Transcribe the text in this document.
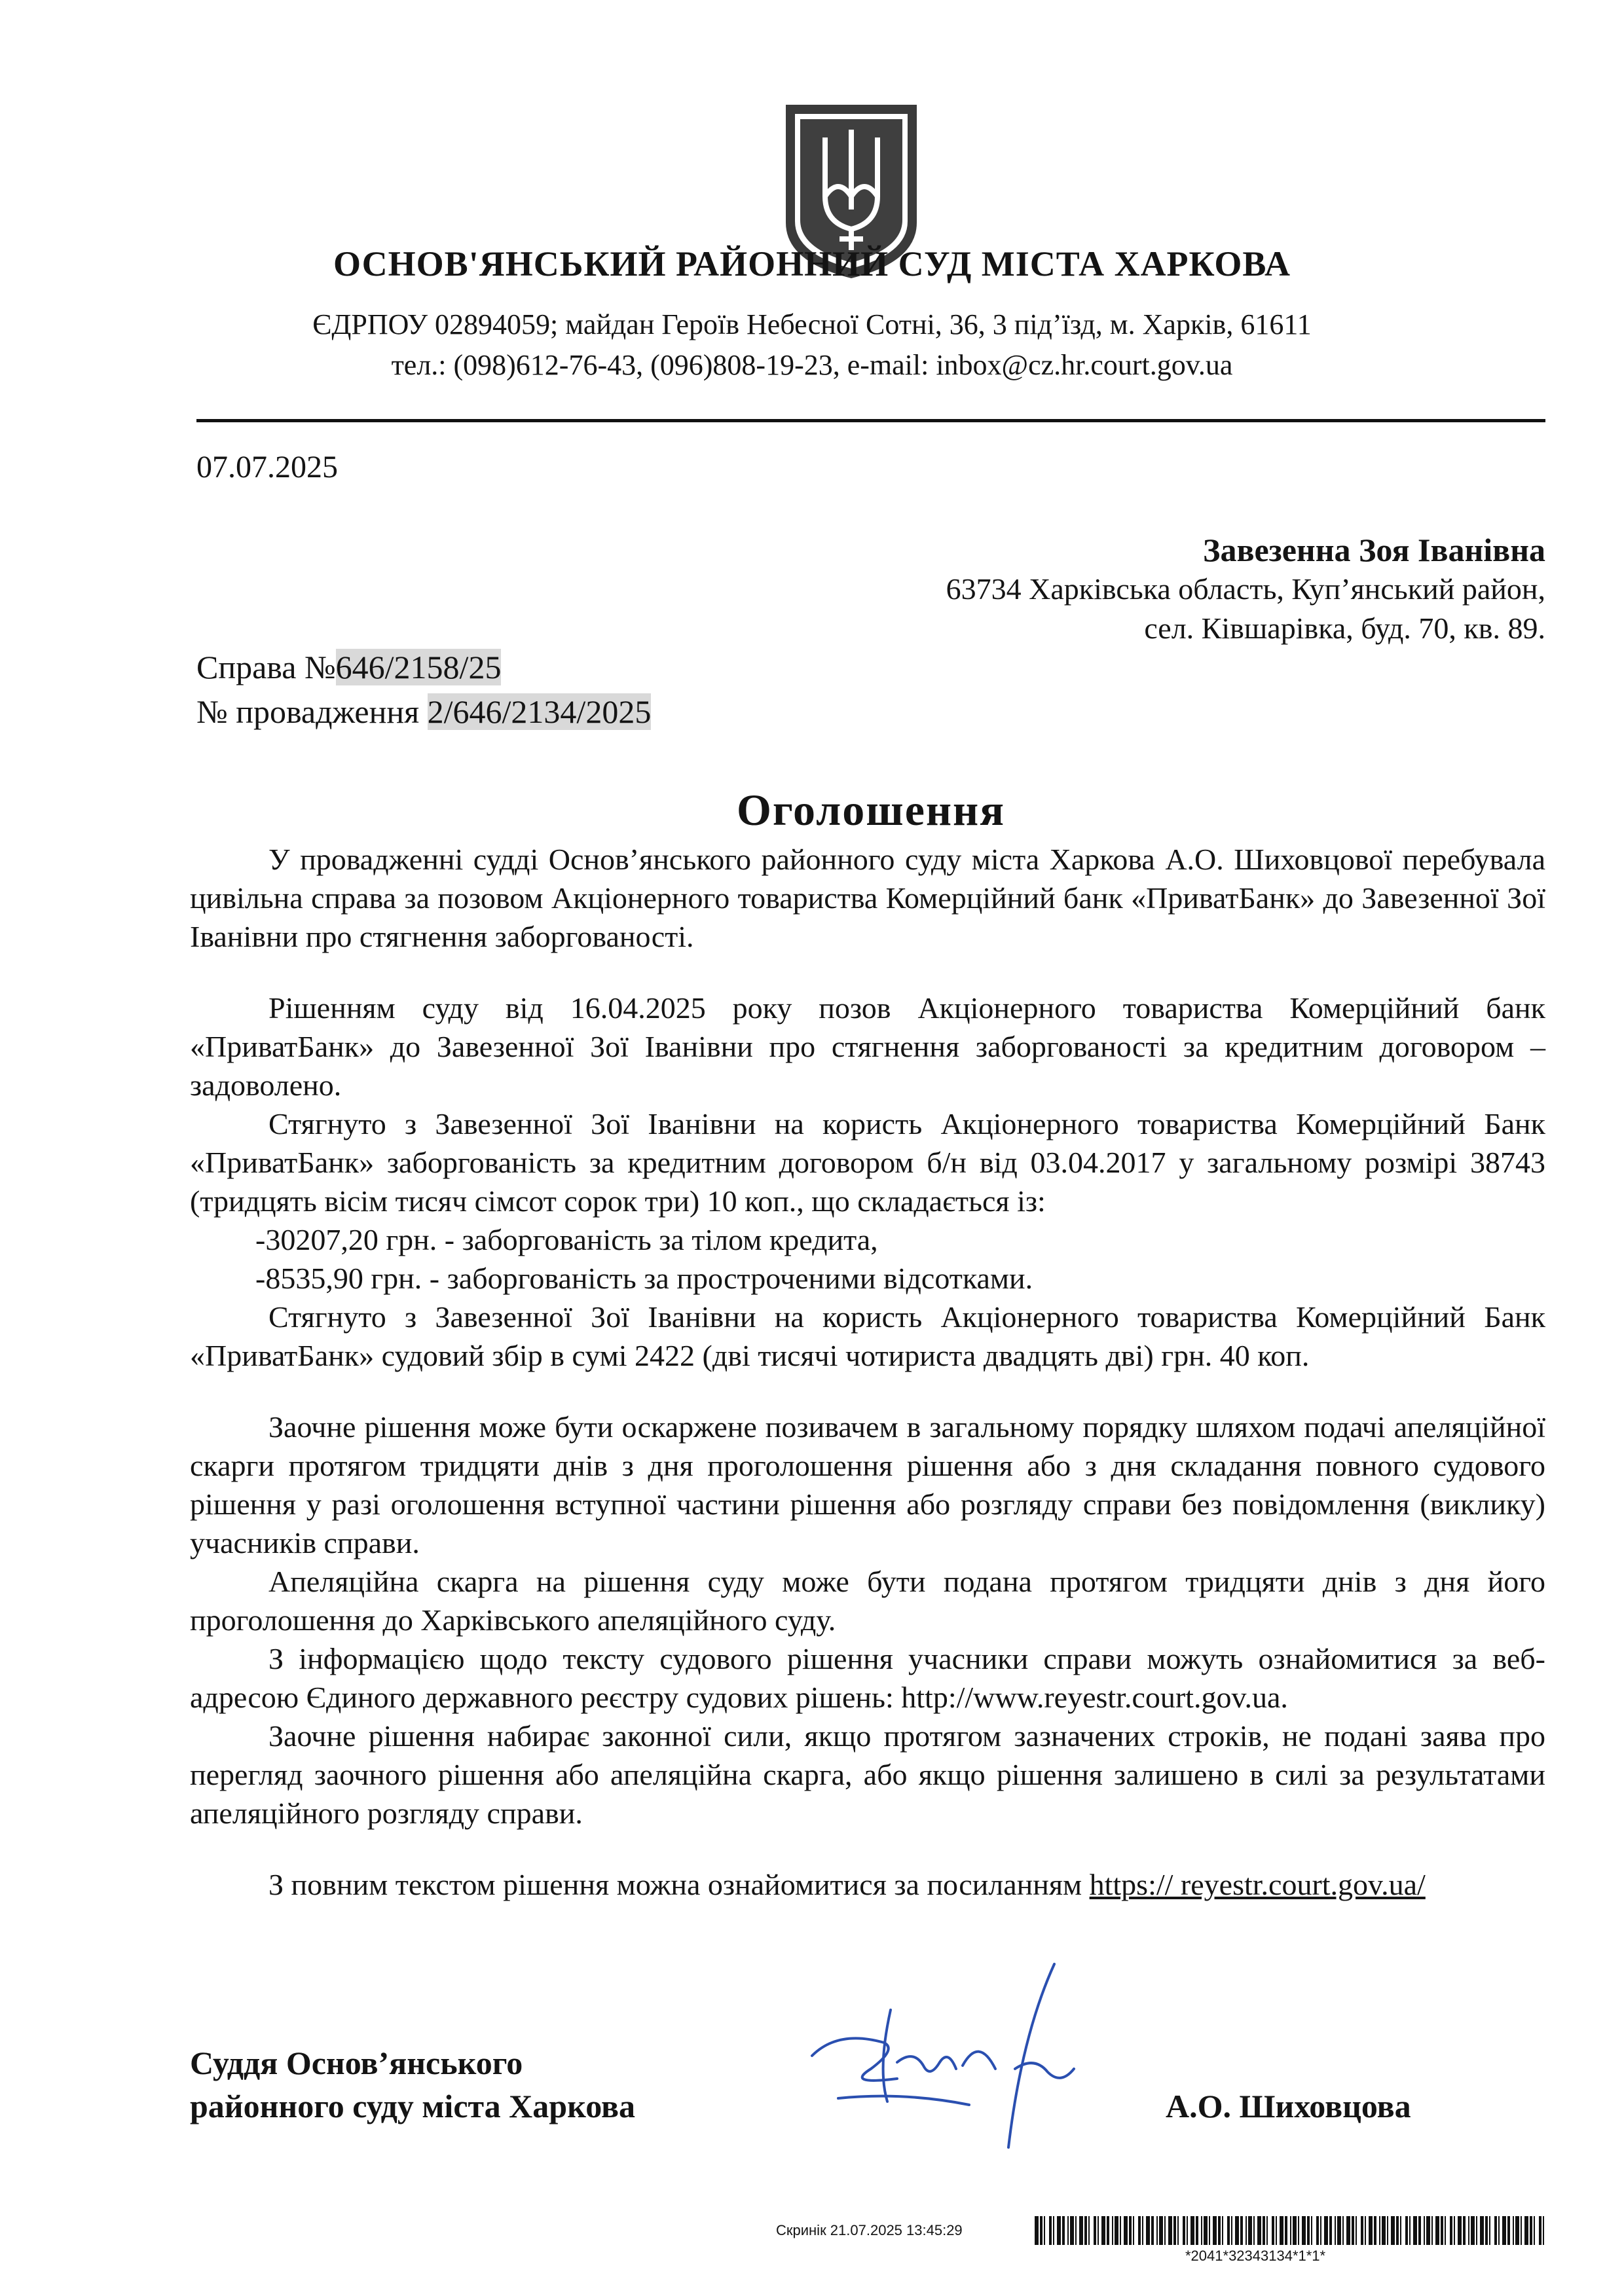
ОСНОВ'ЯНСЬКИЙ РАЙОННИЙ СУД МІСТА ХАРКОВА
ЄДРПОУ 02894059; майдан Героїв Небесної Сотні, 36, 3 під’їзд, м. Харків, 61611
тел.: (098)612-76-43, (096)808-19-23, e-mail: inbox@cz.hr.court.gov.ua
07.07.2025
Завезенна Зоя Іванівна
63734 Харківська область, Куп’янський район,
сел. Ківшарівка, буд. 70, кв. 89.
Справа №646/2158/25
№ провадження 2/646/2134/2025
Оголошення

У провадженні судді Основ’янського районного суду міста Харкова А.О. Шиховцової перебувала цивільна справа за позовом Акціонерного товариства Комерційний банк «ПриватБанк» до Завезенної Зої Іванівни про стягнення заборгованості.

Рішенням суду від 16.04.2025 року позов Акціонерного товариства Комерційний банк «ПриватБанк» до Завезенної Зої Іванівни про стягнення заборгованості за кредитним договором – задоволено.

Стягнуто з Завезенної Зої Іванівни на користь Акціонерного товариства Комерційний Банк «ПриватБанк» заборгованість за кредитним договором б/н від 03.04.2017 у загальному розмірі 38743 (тридцять вісім тисяч сімсот сорок три) 10 коп., що складається із:

-30207,20 грн. - заборгованість за тілом кредита,

-8535,90 грн. - заборгованість за простроченими відсотками.

Стягнуто з Завезенної Зої Іванівни на користь Акціонерного товариства Комерційний Банк «ПриватБанк» судовий збір в сумі 2422 (дві тисячі чотириста двадцять дві) грн. 40 коп.

Заочне рішення може бути оскаржене позивачем в загальному порядку шляхом подачі апеляційної скарги протягом тридцяти днів з дня проголошення рішення або з дня складання повного судового рішення у разі оголошення вступної частини рішення або розгляду справи без повідомлення (виклику) учасників справи.

Апеляційна скарга на рішення суду може бути подана протягом тридцяти днів з дня його проголошення до Харківського апеляційного суду.

З інформацією щодо тексту судового рішення учасники справи можуть ознайомитися за веб-адресою Єдиного державного реєстру судових рішень: http://www.reyestr.court.gov.ua.

Заочне рішення набирає законної сили, якщо протягом зазначених строків, не подані заява про перегляд заочного рішення або апеляційна скарга, або якщо рішення залишено в силі за результатами апеляційного розгляду справи.

З повним текстом рішення можна ознайомитися за посиланням https:// reyestr.court.gov.ua/

Суддя Основ’янського
районного суду міста Харкова	А.О. Шиховцова
Скринік 21.07.2025 13:45:29
*2041*32343134*1*1*
